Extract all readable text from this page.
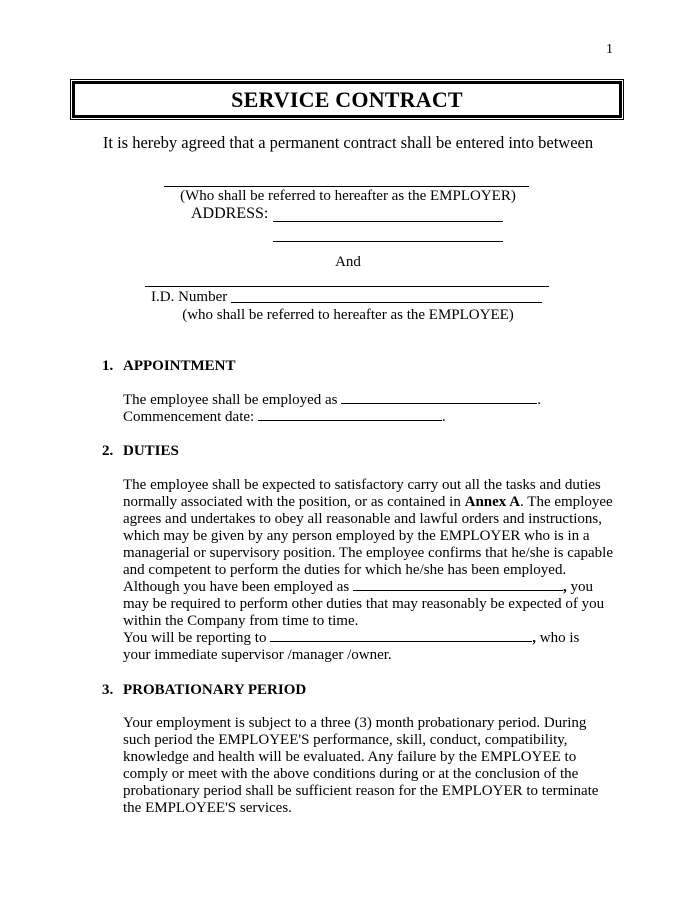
1
SERVICE CONTRACT
It is hereby agreed that a permanent contract shall be entered into between
(Who shall be referred to hereafter as the EMPLOYER)
ADDRESS:
And
I.D. Number
(who shall be referred to hereafter as the EMPLOYEE)
1. APPOINTMENT
The employee shall be employed as	.
Commencement date:	.
2. DUTIES
The employee shall be expected to satisfactory carry out all the tasks and duties
normally associated with the position, or as contained in Annex A. The employee
agrees and undertakes to obey all reasonable and lawful orders and instructions,
which may be given by any person employed by the EMPLOYER who is in a
managerial or supervisory position. The employee confirms that he/she is capable
and competent to perform the duties for which he/she has been employed.
Although you have been employed as	, you
may be required to perform other duties that may reasonably be expected of you
within the Company from time to time.
You will be reporting to	, who is
your immediate supervisor /manager /owner.
3. PROBATIONARY PERIOD
Your employment is subject to a three (3) month probationary period. During
such period the EMPLOYEE'S performance, skill, conduct, compatibility,
knowledge and health will be evaluated. Any failure by the EMPLOYEE to
comply or meet with the above conditions during or at the conclusion of the
probationary period shall be sufficient reason for the EMPLOYER to terminate
the EMPLOYEE'S services.
